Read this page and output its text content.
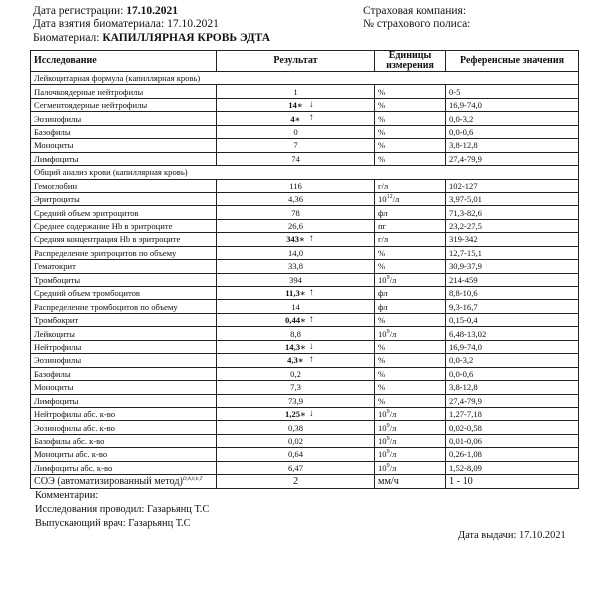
Дата регистрации: 17.10.2021
Дата взятия биоматериала: 17.10.2021
Биоматериал: КАПИЛЛЯРНАЯ КРОВЬ ЭДТА
Страховая компания:
№ страхового полиса:
Исследование	Результат	Единицы
измерения	Референсные значения
Лейкоцитарная формула (капиллярная кровь)			
Палочкоядерные нейтрофилы	1	%	0-5
Сегментоядерные нейтрофилы	14∗ ↓	%	16,9-74,0
Эозинофилы	4∗ ↑	%	0,0-3,2
Базофилы	0	%	0,0-0,6
Моноциты	7	%	3,8-12,8
Лимфоциты	74	%	27,4-79,9
Общий анализ крови (капиллярная кровь)			
Гемоглобин	116	г/л	102-127
Эритроциты	4,36	$10^{12}/л$	3,97-5,01
Средний объем эритроцитов	78	фл	71,3-82,6
Среднее содержание Hb в эритроците	26,6	пг	23,2-27,5
Средняя концентрация Hb в эритроците	343∗ ↑	г/л	319-342
Распределение эритроцитов по объему	14,0	%	12,7-15,1
Гематокрит	33,8	%	30,9-37,9
Тромбоциты	394	$10^9/л$	214-459
Средний объем тромбоцитов	11,3∗ ↑	фл	8,8-10,6
Распределение тромбоцитов по объему	14	фл	9,3-16,7
Тромбокрит	0,44∗ ↑	%	0,15-0,4
Лейкоциты	8,8	$10^9/л$	6,48-13,02
Нейтрофилы	14,3∗ ↓	%	16,9-74,0
Эозинофилы	4,3∗ ↑	%	0,0-3,2
Базофилы	0,2	%	0,0-0,6
Моноциты	7,3	%	3,8-12,8
Лимфоциты	73,9	%	27,4-79,9
Нейтрофилы абс. к-во	1,25∗ ↓	$10^9/л$	1,27-7,18
Эозинофилы абс. к-во	0,38	$10^9/л$	0,02-0,58
Базофилы абс. к-во	0,02	$10^9/л$	0,01-0,06
Моноциты абс. к-во	0,64	$10^9/л$	0,26-1,08
Лимфоциты абс. к-во	6,47	$10^9/л$	1,52-8,09
СОЭ (автоматизированный метод)$^{D,A,b,b,T}$	2	мм/ч	1 - 10
Комментарии:
Исследования проводил: Газарьянц Т.С
Выпускающий врач: Газарьянц Т.С
Дата выдачи: 17.10.2021
